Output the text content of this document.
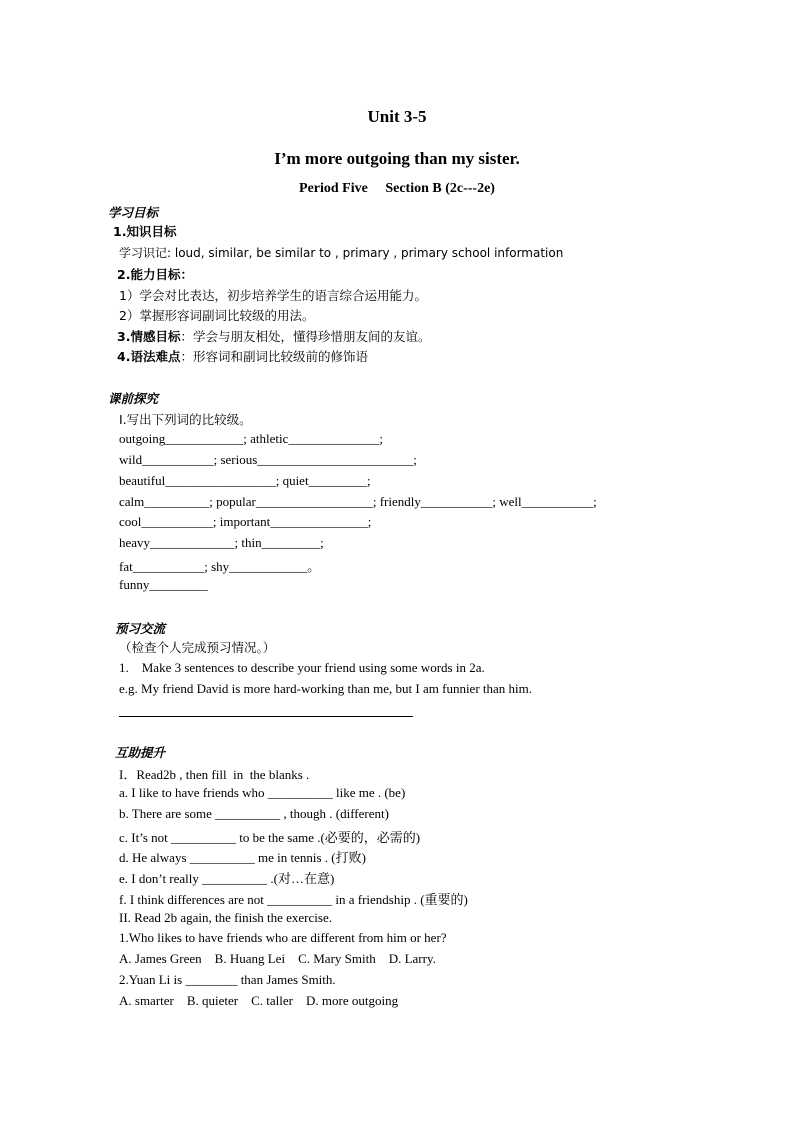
Unit 3-5
I’m more outgoing than my sister.
Period Five     Section B (2c---2e)
学习目标
1.知识目标
学习识记: loud, similar, be similar to , primary , primary school information
2.能力目标：
1）学会对比表达，初步培养学生的语言综合运用能力。
2）掌握形容词副词比较级的用法。
3.情感目标：学会与朋友相处，懂得珍惜朋友间的友谊。
4.语法难点：形容词和副词比较级前的修饰语
课前探究
I.写出下列词的比较级。
outgoing____________; athletic______________;
wild___________; serious________________________;
beautiful_________________; quiet_________;
calm__________; popular__________________; friendly___________; well___________;
cool___________; important_______________;
heavy_____________; thin_________;
fat___________; shy____________。
funny_________
预习交流
（检查个人完成预习情况。）
1.    Make 3 sentences to describe your friend using some words in 2a.
e.g. My friend David is more hard-working than me, but I am funnier than him.
互助提升
I．Read2b , then fill  in  the blanks .
a. I like to have friends who __________ like me . (be)
b. There are some __________ , though . (different)
c. It’s not __________ to be the same .(必要的，必需的)
d. He always __________ me in tennis . (打败)
e. I don’t really __________ .(对…在意)
f. I think differences are not __________ in a friendship . (重要的)
II. Read 2b again, the finish the exercise.
1.Who likes to have friends who are different from him or her?
A. James Green    B. Huang Lei    C. Mary Smith    D. Larry.
2.Yuan Li is ________ than James Smith.
A. smarter    B. quieter    C. taller    D. more outgoing
